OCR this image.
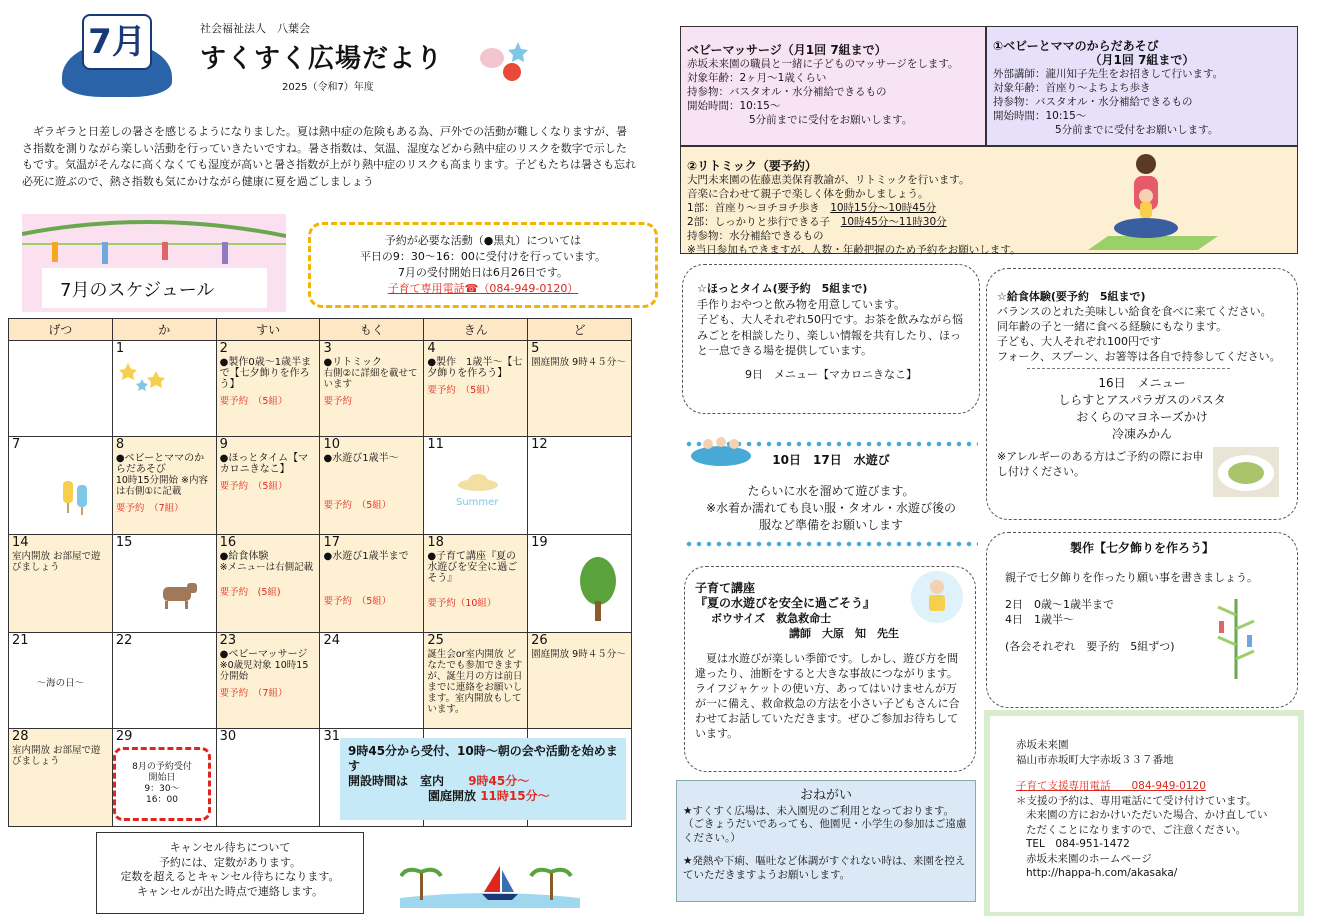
7月	社会福祉法人　八葉会
すくすく広場だより
2025（令和7）年度
ギラギラと日差しの暑さを感じるようになりました。夏は熱中症の危険もある為、戸外での活動が難しくなりますが、暑さ指数を測りながら楽しい活動を行っていきたいですね。暑さ指数は、気温、湿度などから熱中症のリスクを数字で示したもです。気温がそんなに高くなくても湿度が高いと暑さ指数が上がり熱中症のリスクも高まります。子どもたちは暑さも忘れ必死に遊ぶので、熱さ指数も気にかけながら健康に夏を過ごしましょう
7月のスケジュール
予約が必要な活動（●黒丸）については
平日の9：30～16：00に受付けを行っています。
7月の受付開始日は6月26日です。
子育て専用電話☎（084-949-0120）
げつ	か	すい	もく	きん	ど

	1	2
●製作0歳～1歳半まで【七夕飾りを作ろう】
要予約　（5組）	3
●リトミック
右側②に詳細を載せています
要予約	4
●製作　1歳半～【七夕飾りを作ろう】
要予約　（5組）	5
園庭開放 9時４５分～

7	8
●ベビーとママのからだあそび
10時15分開始 ※内容は右側①に記載
要予約　（7組）	9
●ほっとタイム【マカロニきなこ】
要予約　（5組）	10
●水遊び1歳半～
要予約　（5組）	11
Summer	12

14
室内開放 お部屋で遊びましょう	15	16
●給食体験
※メニューは右側記載
要予約　(5組)	17
●水遊び1歳半まで
要予約　（5組）	18
●子育て講座『夏の水遊びを安全に過ごそう』
要予約（10組）	19

21
～海の日～	22	23
●ベビーマッサージ
※0歳児対象 10時15分開始
要予約　（7組）	24	25
誕生会or室内開放 どなたでも参加できますが、誕生月の方は前日までに連絡をお願いします。室内開放もしています。	26
園庭開放 9時４５分～

28
室内開放 お部屋で遊びましょう	29	30	31		

8月の予約受付
開始日
9：30～
16：00
9時45分から受付、10時～朝の会や活動を始めます
開設時間は　室内 9時45分～
園庭開放 11時15分～
キャンセル待ちについて
予約には、定数があります。
定数を超えるとキャンセル待ちになります。
キャンセルが出た時点で連絡します。
ベビーマッサージ（月1回 7組まで）
赤坂未来園の職員と一緒に子どものマッサージをします。
対象年齢：2ヶ月～1歳くらい
持参物：バスタオル・水分補給できるもの
開始時間：10:15～
5分前までに受付をお願いします。
①ベビーとママのからだあそび
（月1回 7組まで）
外部講師：瀧川知子先生をお招きして行います。
対象年齢：首座り～よちよち歩き
持参物：バスタオル・水分補給できるもの
開始時間：10:15～
5分前までに受付をお願いします。
②リトミック（要予約）
大門未来園の佐藤恵美保育教諭が、リトミックを行います。
音楽に合わせて親子で楽しく体を動かしましょう。
1部：首座り～ヨチヨチ歩き　 10時15分～10時45分
2部：しっかりと歩行できる子　 10時45分～11時30分
持参物：水分補給できるもの
※当日参加もできますが、人数・年齢把握のため予約をお願いします。
☆ほっとタイム(要予約　5組まで)
手作りおやつと飲み物を用意しています。
子ども、大人それぞれ50円です。お茶を飲みながら悩みごとを相談したり、楽しい情報を共有したり、ほっと一息できる場を提供しています。
9日　メニュー【マカロニきなこ】
☆給食体験(要予約　5組まで)
バランスのとれた美味しい給食を食べに来てください。
同年齢の子と一緒に食べる経験にもなります。
子ども、大人それぞれ100円です
フォーク、スプーン、お箸等は各自で持参してください。
16日　メニュー
しらすとアスパラガスのパスタ
おくらのマヨネーズかけ
冷凍みかん
※アレルギーのある方はご予約の際にお申し付けください。
10日　17日　水遊び
たらいに水を溜めて遊びます。
※水着か濡れても良い服・タオル・水遊び後の服など準備をお願いします
子育て講座
『夏の水遊びを安全に過ごそう』
ボウサイズ　救急救命士
講師　大原　知　先生
夏は水遊びが楽しい季節です。しかし、遊び方を間違ったり、油断をすると大きな事故につながります。ライフジャケットの使い方、あってはいけませんが万が一に備え、救命救急の方法を小さい子どもさんに合わせてお話していただきます。ぜひご参加お待ちしています。
製作【七夕飾りを作ろう】
親子で七夕飾りを作ったり願い事を書きましょう。
2日　0歳～1歳半まで
4日　1歳半～
(各会それぞれ　要予約　5組ずつ)
おねがい
★すくすく広場は、未入園児のご利用となっております。（ごきょうだいであっても、他園児・小学生の参加はご遠慮ください。）
★発熱や下痢、嘔吐など体調がすぐれない時は、来園を控えていただきますようお願いします。
赤坂未来園
福山市赤坂町大字赤坂３３７番地
子育て支援専用電話　　084-949-0120
＊支援の予約は、専用電話にて受け付けています。
未来園の方におかけいただいた場合、かけ直していただくことになりますので、ご注意ください。
TEL　084-951-1472
赤坂未来園のホームページ
http://happa-h.com/akasaka/
